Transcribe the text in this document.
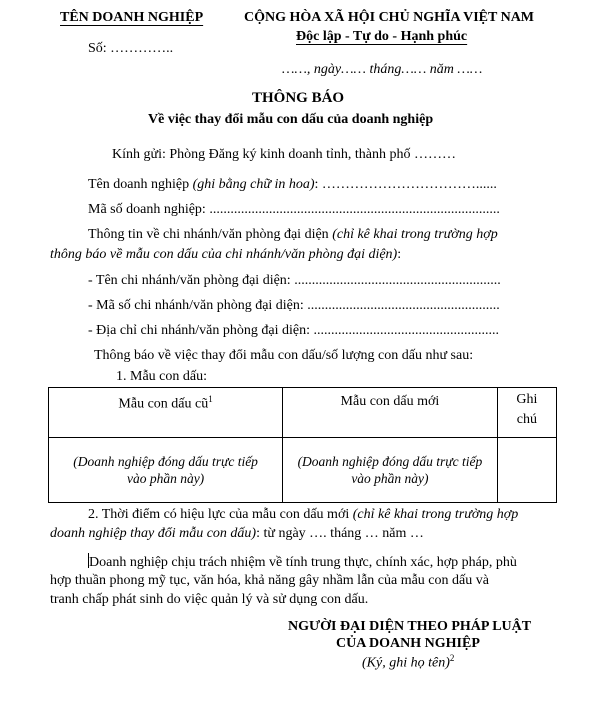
TÊN DOANH NGHIỆP
Số: …………..
CỘNG HÒA XÃ HỘI CHỦ NGHĨA VIỆT NAM
Độc lập - Tự do - Hạnh phúc
……, ngày…… tháng…… năm ……
THÔNG BÁO
Về việc thay đổi mẫu con dấu của doanh nghiệp
Kính gửi: Phòng Đăng ký kinh doanh tỉnh, thành phố ………
Tên doanh nghiệp (ghi bằng chữ in hoa): ……………………………......
Mã số doanh nghiệp: ...................................................................................
Thông tin về chi nhánh/văn phòng đại diện (chỉ kê khai trong trường hợp
thông báo về mẫu con dấu của chi nhánh/văn phòng đại diện):
- Tên chi nhánh/văn phòng đại diện: ...........................................................
- Mã số chi nhánh/văn phòng đại diện: .......................................................
- Địa chỉ chi nhánh/văn phòng đại diện: .....................................................
Thông báo về việc thay đổi mẫu con dấu/số lượng con dấu như sau:
1. Mẫu con dấu:
Mẫu con dấu $cũ^1$	Mẫu con dấu mới	Ghi
chú
(Doanh nghiệp đóng dấu trực tiếp
vào phần này)	(Doanh nghiệp đóng dấu trực tiếp
vào phần này)	
2. Thời điểm có hiệu lực của mẫu con dấu mới (chỉ kê khai trong trường hợp
doanh nghiệp thay đổi mẫu con dấu): từ ngày …. tháng … năm …
Doanh nghiệp chịu trách nhiệm về tính trung thực, chính xác, hợp pháp, phù
hợp thuần phong mỹ tục, văn hóa, khả năng gây nhầm lẫn của mẫu con dấu và
tranh chấp phát sinh do việc quản lý và sử dụng con dấu.
NGƯỜI ĐẠI DIỆN THEO PHÁP LUẬT
CỦA DOANH NGHIỆP
(Ký, ghi họ tên)$^2$
